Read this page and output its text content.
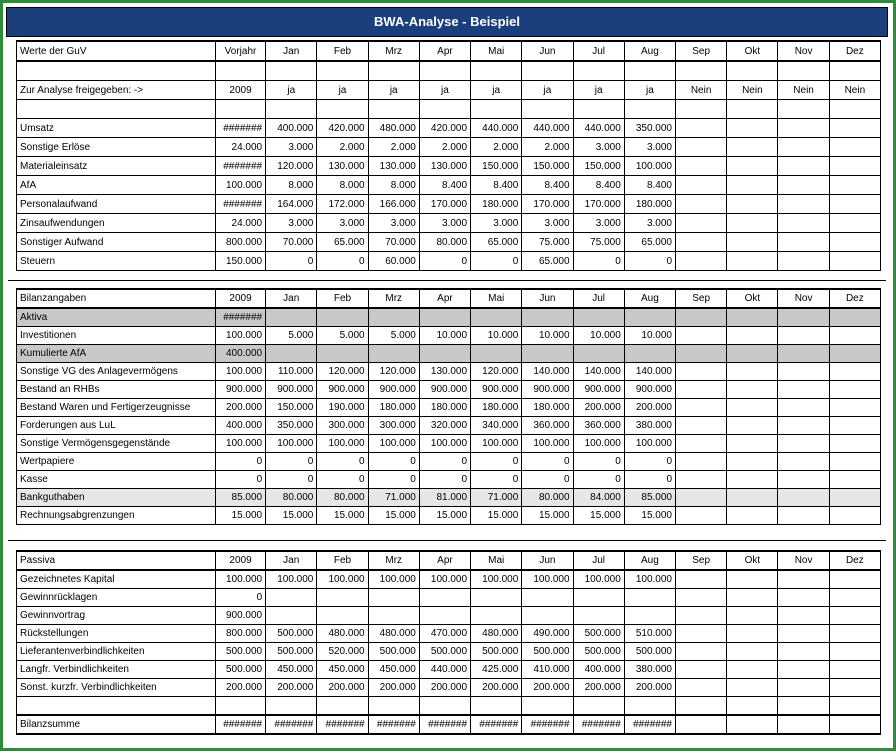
BWA-Analyse - Beispiel
Werte der GuV	Vorjahr	Jan	Feb	Mrz	Apr	Mai	Jun	Jul	Aug	Sep	Okt	Nov	Dez

Zur Analyse freigegeben: ->	2009	ja	ja	ja	ja	ja	ja	ja	ja	Nein	Nein	Nein	Nein

Umsatz	#######	400.000	420.000	480.000	420.000	440.000	440.000	440.000	350.000				
Sonstige Erlöse	24.000	3.000	2.000	2.000	2.000	2.000	2.000	3.000	3.000				
Materialeinsatz	#######	120.000	130.000	130.000	130.000	150.000	150.000	150.000	100.000				
AfA	100.000	8.000	8.000	8.000	8.400	8.400	8.400	8.400	8.400				
Personalaufwand	#######	164.000	172.000	166.000	170.000	180.000	170.000	170.000	180.000				
Zinsaufwendungen	24.000	3.000	3.000	3.000	3.000	3.000	3.000	3.000	3.000				
Sonstiger Aufwand	800.000	70.000	65.000	70.000	80.000	65.000	75.000	75.000	65.000				
Steuern	150.000	0	0	60.000	0	0	65.000	0	0				
Bilanzangaben	2009	Jan	Feb	Mrz	Apr	Mai	Jun	Jul	Aug	Sep	Okt	Nov	Dez
Aktiva	#######												
Investitionen	100.000	5.000	5.000	5.000	10.000	10.000	10.000	10.000	10.000				
Kumulierte AfA	400.000												
Sonstige VG des Anlagevermögens	100.000	110.000	120.000	120.000	130.000	120.000	140.000	140.000	140.000				
Bestand an RHBs	900.000	900.000	900.000	900.000	900.000	900.000	900.000	900.000	900.000				
Bestand Waren und Fertigerzeugnisse	200.000	150.000	190.000	180.000	180.000	180.000	180.000	200.000	200.000				
Forderungen aus LuL	400.000	350.000	300.000	300.000	320.000	340.000	360.000	360.000	380.000				
Sonstige Vermögensgegenstände	100.000	100.000	100.000	100.000	100.000	100.000	100.000	100.000	100.000				
Wertpapiere	0	0	0	0	0	0	0	0	0				
Kasse	0	0	0	0	0	0	0	0	0				
Bankguthaben	85.000	80.000	80.000	71.000	81.000	71.000	80.000	84.000	85.000				
Rechnungsabgrenzungen	15.000	15.000	15.000	15.000	15.000	15.000	15.000	15.000	15.000				
Passiva	2009	Jan	Feb	Mrz	Apr	Mai	Jun	Jul	Aug	Sep	Okt	Nov	Dez
Gezeichnetes Kapital	100.000	100.000	100.000	100.000	100.000	100.000	100.000	100.000	100.000				
Gewinnrücklagen	0												
Gewinnvortrag	900.000												
Rückstellungen	800.000	500.000	480.000	480.000	470.000	480.000	490.000	500.000	510.000				
Lieferantenverbindlichkeiten	500.000	500.000	520.000	500.000	500.000	500.000	500.000	500.000	500.000				
Langfr. Verbindlichkeiten	500.000	450.000	450.000	450.000	440.000	425.000	410.000	400.000	380.000				
Sonst. kurzfr. Verbindlichkeiten	200.000	200.000	200.000	200.000	200.000	200.000	200.000	200.000	200.000				

Bilanzsumme	#######	#######	#######	#######	#######	#######	#######	#######	#######				
